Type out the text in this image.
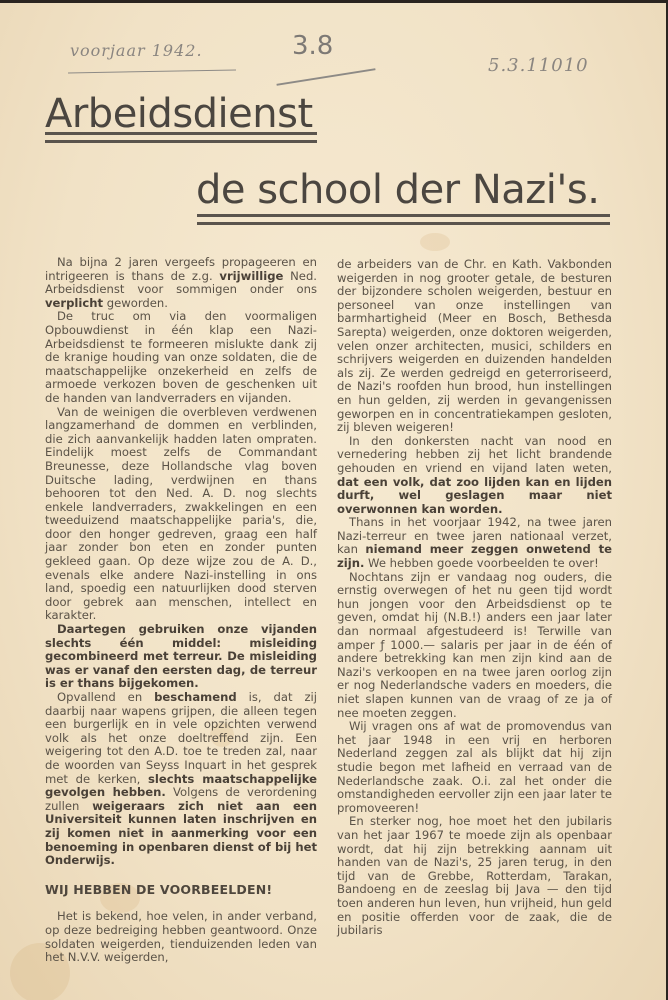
voorjaar 1942.	3.8
5.3.11010
Arbeidsdienst
de school der Nazi's.

Na bijna 2 jaren vergeefs propageeren en intrigeeren is thans de z.g. vrijwillige Ned. Arbeidsdienst voor sommigen onder ons verplicht geworden.

De truc om via den voormaligen Opbouwdienst in één klap een Nazi-Arbeidsdienst te formeeren mislukte dank zij de kranige houding van onze soldaten, die de maatschappelijke onzekerheid en zelfs de armoede verkozen boven de geschenken uit de handen van landverraders en vijanden.

Van de weinigen die overbleven verdwenen langzamerhand de dommen en verblinden, die zich aanvankelijk hadden laten ompraten. Eindelijk moest zelfs de Commandant Breunesse, deze Hollandsche vlag boven Duitsche lading, verdwijnen en thans behooren tot den Ned. A. D. nog slechts enkele landverraders, zwakkelingen en een tweeduizend maatschappelijke paria's, die, door den honger gedreven, graag een half jaar zonder bon eten en zonder punten gekleed gaan. Op deze wijze zou de A. D., evenals elke andere Nazi-instelling in ons land, spoedig een natuurlijken dood sterven door gebrek aan menschen, intellect en karakter.

Daartegen gebruiken onze vijanden slechts één middel: misleiding gecombineerd met terreur. De misleiding was er vanaf den eersten dag, de terreur is er thans bijgekomen.

Opvallend en beschamend is, dat zij daarbij naar wapens grijpen, die alleen tegen een burgerlijk en in vele opzichten verwend volk als het onze doeltreffend zijn. Een weigering tot den A.D. toe te treden zal, naar de woorden van Seyss Inquart in het gesprek met de kerken, slechts maatschappelijke gevolgen hebben. Volgens de verordening zullen weigeraars zich niet aan een Universiteit kunnen laten inschrijven en zij komen niet in aanmerking voor een benoeming in openbaren dienst of bij het Onderwijs.

WIJ HEBBEN DE VOORBEELDEN!

Het is bekend, hoe velen, in ander verband, op deze bedreiging hebben geantwoord. Onze soldaten weigerden, tienduizenden leden van het N.V.V. weigerden,

de arbeiders van de Chr. en Kath. Vakbonden weigerden in nog grooter getale, de besturen der bijzondere scholen weigerden, bestuur en personeel van onze instellingen van barmhartigheid (Meer en Bosch, Bethesda Sarepta) weigerden, onze doktoren weigerden, velen onzer architecten, musici, schilders en schrijvers weigerden en duizenden handelden als zij. Ze werden gedreigd en geterroriseerd, de Nazi's roofden hun brood, hun instellingen en hun gelden, zij werden in gevangenissen geworpen en in concentratiekampen gesloten, zij bleven weigeren!

In den donkersten nacht van nood en vernedering hebben zij het licht brandende gehouden en vriend en vijand laten weten, dat een volk, dat zoo lijden kan en lijden durft, wel geslagen maar niet overwonnen kan worden.

Thans in het voorjaar 1942, na twee jaren Nazi-terreur en twee jaren nationaal verzet, kan niemand meer zeggen onwetend te zijn. We hebben goede voorbeelden te over!

Nochtans zijn er vandaag nog ouders, die ernstig overwegen of het nu geen tijd wordt hun jongen voor den Arbeidsdienst op te geven, omdat hij (N.B.!) anders een jaar later dan normaal afgestudeerd is! Terwille van amper ƒ 1000.— salaris per jaar in de één of andere betrekking kan men zijn kind aan de Nazi's verkoopen en na twee jaren oorlog zijn er nog Nederlandsche vaders en moeders, die niet slapen kunnen van de vraag of ze ja of nee moeten zeggen.

Wij vragen ons af wat de promovendus van het jaar 1948 in een vrij en herboren Nederland zeggen zal als blijkt dat hij zijn studie begon met lafheid en verraad van de Nederlandsche zaak. O.i. zal het onder die omstandigheden eervoller zijn een jaar later te promoveeren!

En sterker nog, hoe moet het den jubilaris van het jaar 1967 te moede zijn als openbaar wordt, dat hij zijn betrekking aannam uit handen van de Nazi's, 25 jaren terug, in den tijd van de Grebbe, Rotterdam, Tarakan, Bandoeng en de zeeslag bij Java — den tijd toen anderen hun leven, hun vrijheid, hun geld en positie offerden voor de zaak, die de jubilaris
